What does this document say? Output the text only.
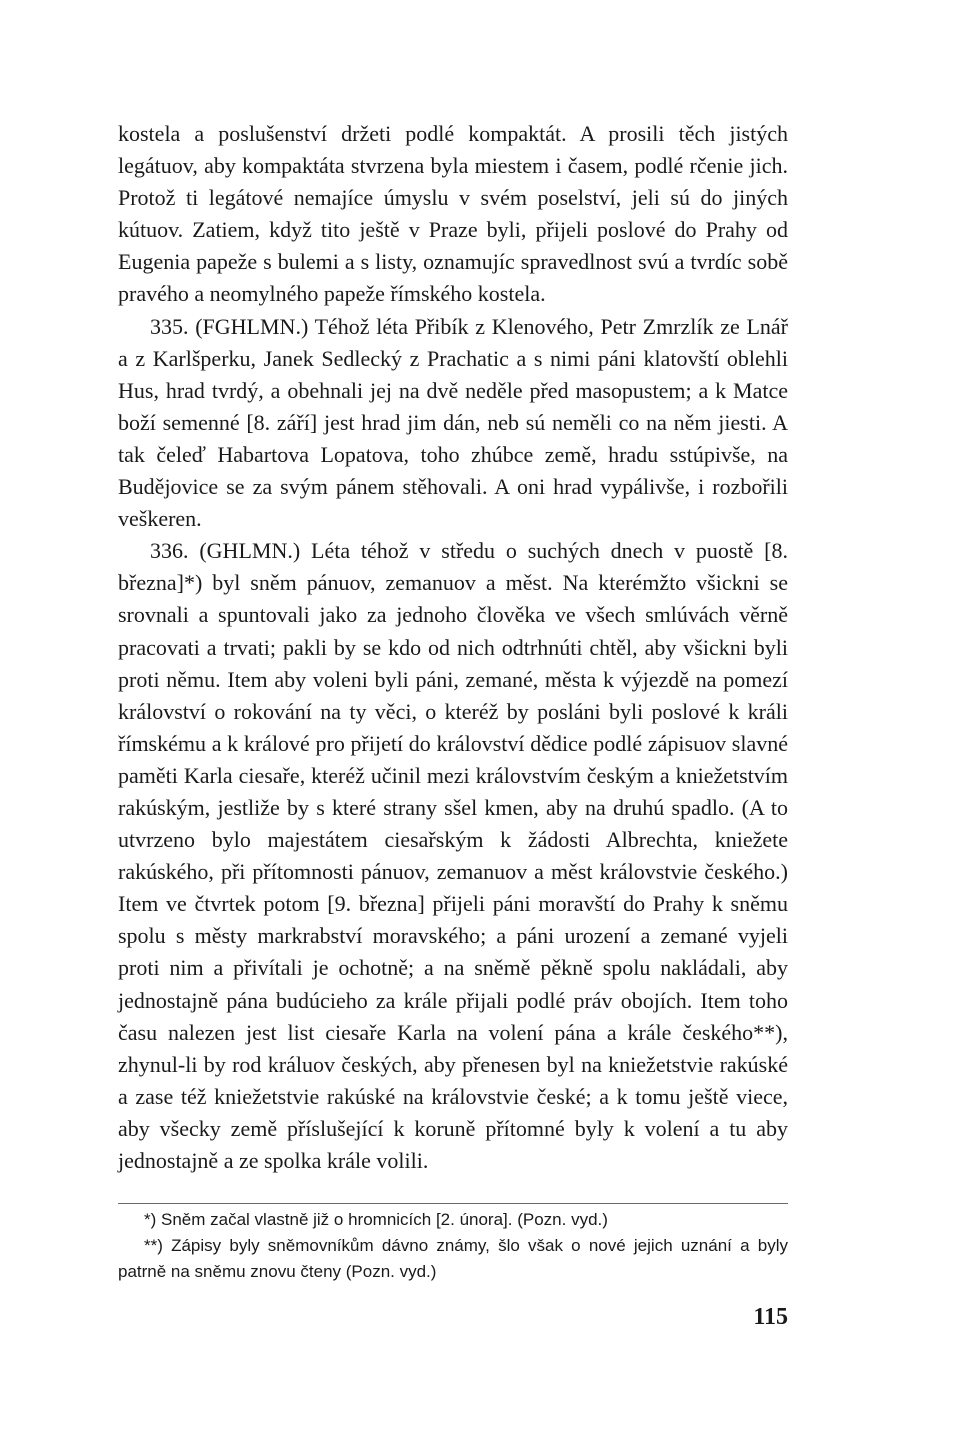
kostela a poslušenství držeti podlé kompaktát. A prosili těch jistých legátuov, aby kompaktáta stvrzena byla miestem i časem, podlé rčenie jich. Protož ti legátové nemajíce úmyslu v svém poselství, jeli sú do jiných kútuov. Zatiem, když tito ještě v Praze byli, přijeli poslové do Prahy od Eugenia papeže s bulemi a s listy, oznamujíc spravedlnost svú a tvrdíc sobě pravého a neomylného papeže římského kostela.

335. (FGHLMN.) Téhož léta Přibík z Klenového, Petr Zmrzlík ze Lnář a z Karlšperku, Janek Sedlecký z Prachatic a s nimi páni klatovští oblehli Hus, hrad tvrdý, a obehnali jej na dvě neděle před masopustem; a k Matce boží semenné [8. září] jest hrad jim dán, neb sú neměli co na něm jiesti. A tak čeleď Habartova Lopatova, toho zhúbce země, hradu sstúpivše, na Budějovice se za svým pánem stěhovali. A oni hrad vypálivše, i rozbořili veškeren.

336. (GHLMN.) Léta téhož v středu o suchých dnech v puostě [8. března]*) byl sněm pánuov, zemanuov a měst. Na kterémžto všickni se srovnali a spuntovali jako za jednoho člověka ve všech smlúvách věrně pracovati a trvati; pakli by se kdo od nich odtrhnúti chtěl, aby všickni byli proti němu. Item aby voleni byli páni, zemané, města k výjezdě na pomezí království o rokování na ty věci, o kteréž by posláni byli poslové k králi římskému a k králové pro přijetí do království dědice podlé zápisuov slavné paměti Karla ciesaře, kteréž učinil mezi královstvím českým a kniežetstvím rakúským, jestliže by s které strany sšel kmen, aby na druhú spadlo. (A to utvrzeno bylo majestátem ciesařským k žádosti Albrechta, kniežete rakúského, při přítomnosti pánuov, zemanuov a měst královstvie českého.) Item ve čtvrtek potom [9. března] přijeli páni moravští do Prahy k sněmu spolu s městy markrabství moravského; a páni urození a zemané vyjeli proti nim a přivítali je ochotně; a na sněmě pěkně spolu nakládali, aby jednostajně pána budúcieho za krále přijali podlé práv obojích. Item toho času nalezen jest list ciesaře Karla na volení pána a krále českého**), zhynul-li by rod králuov českých, aby přenesen byl na kniežetstvie rakúské a zase též kniežetstvie rakúské na královstvie české; a k tomu ještě viece, aby všecky země příslušející k koruně přítomné byly k volení a tu aby jednostajně a ze spolka krále volili.

*) Sněm začal vlastně již o hromnicích [2. února]. (Pozn. vyd.)

**) Zápisy byly sněmovníkům dávno známy, šlo však o nové jejich uznání a byly patrně na sněmu znovu čteny (Pozn. vyd.)

115
